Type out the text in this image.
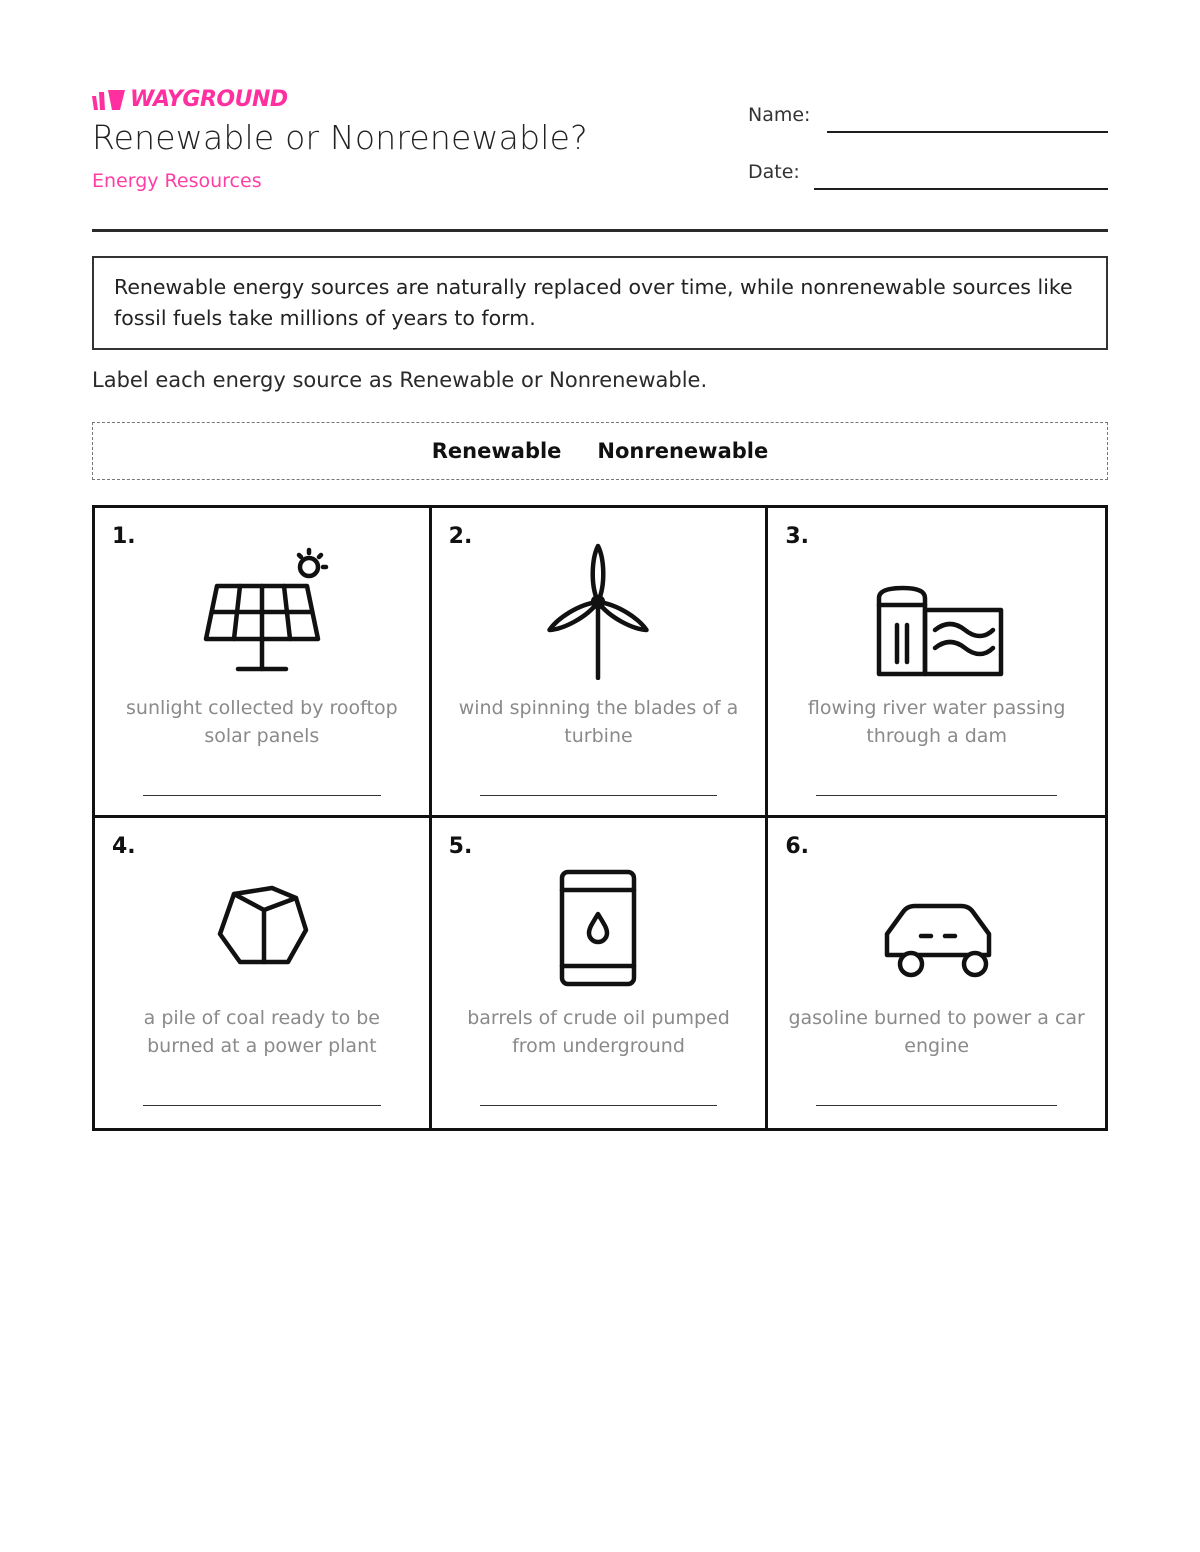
WAYGROUND
Renewable or Nonrenewable?
Energy Resources
Name:
Date:
Renewable energy sources are naturally replaced over time, while nonrenewable sources like fossil fuels take millions of years to form.
Label each energy source as Renewable or Nonrenewable.
Renewable Nonrenewable
1.
sunlight collected by rooftop solar panels
2.
wind spinning the blades of a turbine
3.
flowing river water passing through a dam
4.
a pile of coal ready to be burned at a power plant
5.
barrels of crude oil pumped from underground
6.
gasoline burned to power a car engine
